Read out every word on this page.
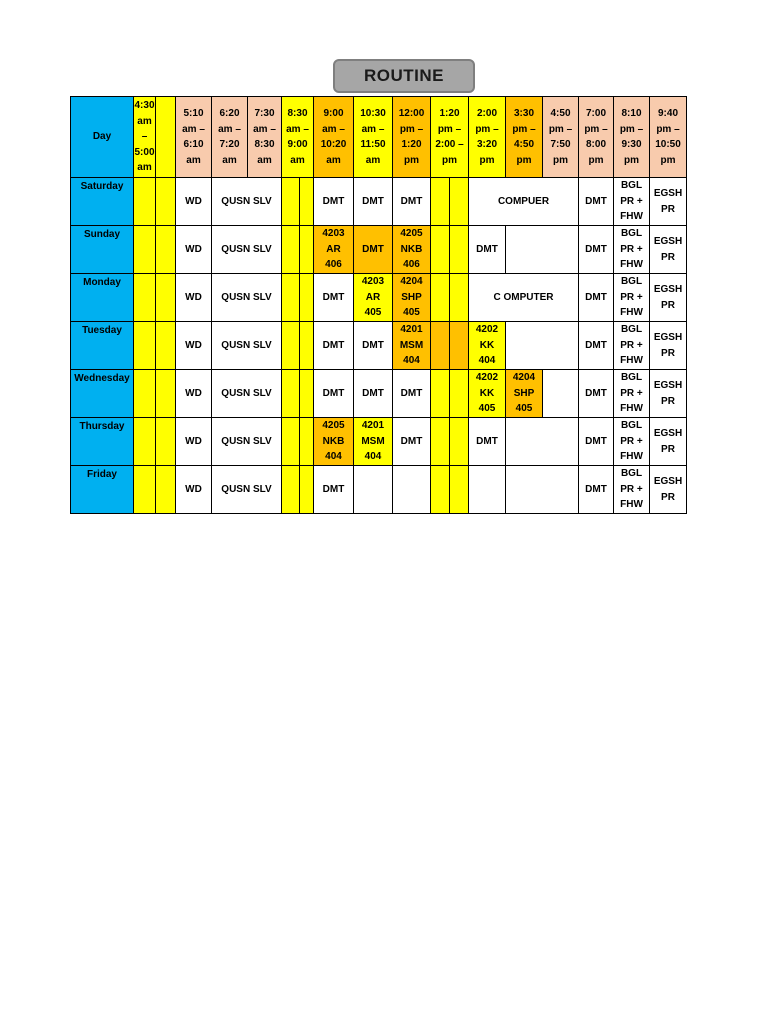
ROUTINE
Day	4:30
am
–
5:00
am		5:10
am –
6:10
am	6:20
am –
7:20
am	7:30
am –
8:30
am	8:30
am –
9:00
am		9:00
am –
10:20
am	10:30
am –
11:50
am	12:00
pm –
1:20
pm	1:20
pm –
2:00 –
pm		2:00
pm –
3:20
pm	3:30
pm –
4:50
pm	4:50
pm –
7:50
pm	7:00
pm –
8:00
pm	8:10
pm –
9:30
pm	9:40
pm –
10:50
pm

Saturday			WD	QUSN SLV				DMT	DMT	DMT			COMPUER			DMT	BGL
PR +
FHW	EGSH
PR

Sunday			WD	QUSN SLV				4203
AR
406	DMT	4205
NKB
406			DMT			DMT	BGL
PR +
FHW	EGSH
PR

Monday			WD	QUSN SLV				DMT	4203
AR
405	4204
SHP
405			C OMPUTER			DMT	BGL
PR +
FHW	EGSH
PR

Tuesday			WD	QUSN SLV				DMT	DMT	4201
MSM
404			4202
KK
404			DMT	BGL
PR +
FHW	EGSH
PR

Wednesday			WD	QUSN SLV				DMT	DMT	DMT			4202
KK
405	4204
SHP
405		DMT	BGL
PR +
FHW	EGSH
PR

Thursday			WD	QUSN SLV				4205
NKB
404	4201
MSM
404	DMT			DMT			DMT	BGL
PR +
FHW	EGSH
PR

Friday			WD	QUSN SLV				DMT								DMT	BGL
PR +
FHW	EGSH
PR
